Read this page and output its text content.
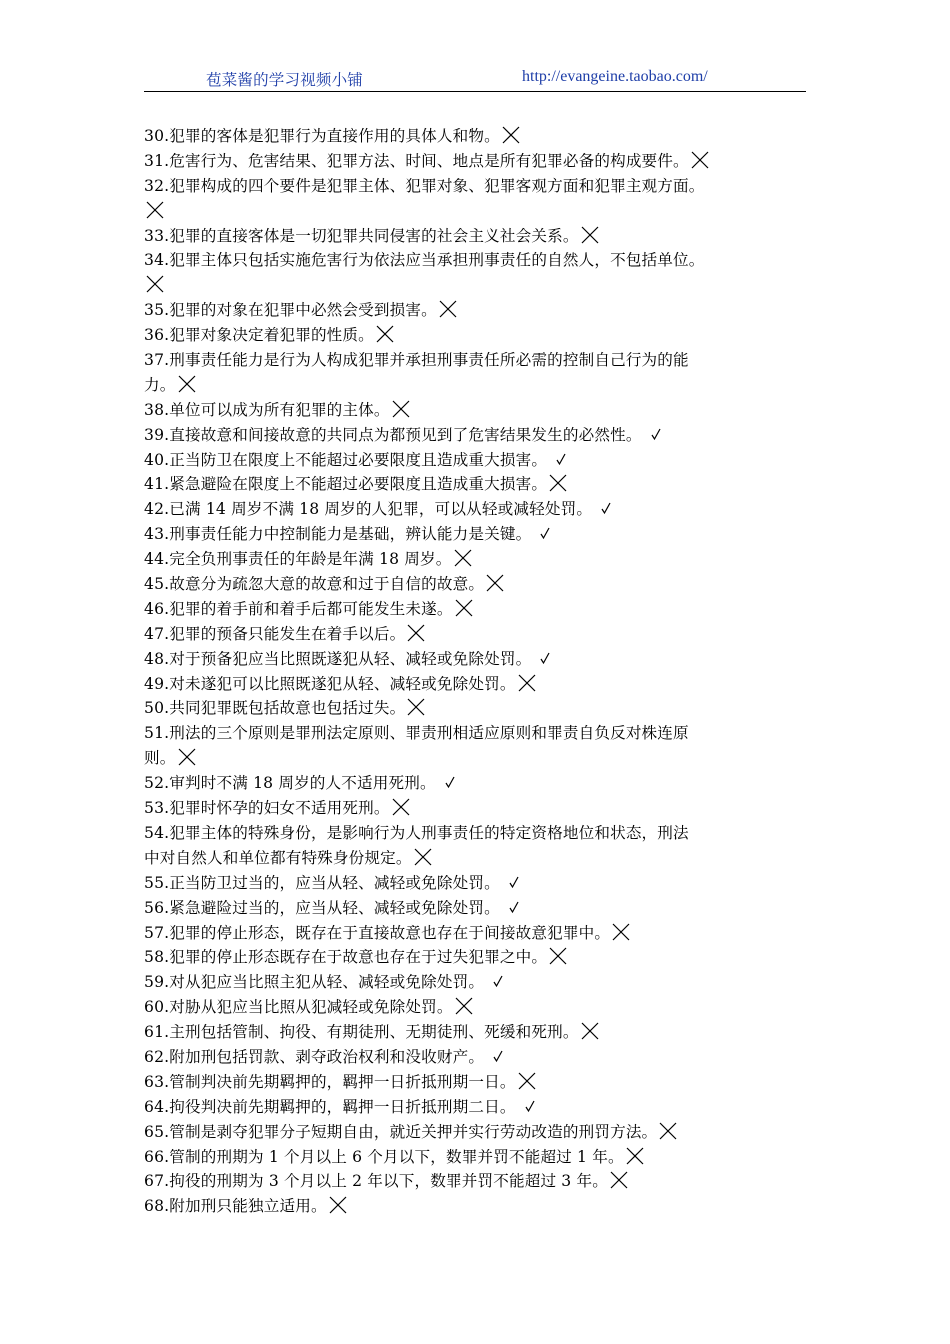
苞菜酱的学习视频小铺	http://evangeine.taobao.com/
30.犯罪的客体是犯罪行为直接作用的具体人和物。
31.危害行为、危害结果、犯罪方法、时间、地点是所有犯罪必备的构成要件。
32.犯罪构成的四个要件是犯罪主体、犯罪对象、犯罪客观方面和犯罪主观方面。
33.犯罪的直接客体是一切犯罪共同侵害的社会主义社会关系。
34.犯罪主体只包括实施危害行为依法应当承担刑事责任的自然人，不包括单位。
35.犯罪的对象在犯罪中必然会受到损害。
36.犯罪对象决定着犯罪的性质。
37.刑事责任能力是行为人构成犯罪并承担刑事责任所必需的控制自己行为的能
力。
38.单位可以成为所有犯罪的主体。
39.直接故意和间接故意的共同点为都预见到了危害结果发生的必然性。
40.正当防卫在限度上不能超过必要限度且造成重大损害。
41.紧急避险在限度上不能超过必要限度且造成重大损害。
42.已满 14 周岁不满 18 周岁的人犯罪，可以从轻或减轻处罚。
43.刑事责任能力中控制能力是基础，辨认能力是关键。
44.完全负刑事责任的年龄是年满 18 周岁。
45.故意分为疏忽大意的故意和过于自信的故意。
46.犯罪的着手前和着手后都可能发生未遂。
47.犯罪的预备只能发生在着手以后。
48.对于预备犯应当比照既遂犯从轻、减轻或免除处罚。
49.对未遂犯可以比照既遂犯从轻、减轻或免除处罚。
50.共同犯罪既包括故意也包括过失。
51.刑法的三个原则是罪刑法定原则、罪责刑相适应原则和罪责自负反对株连原
则。
52.审判时不满 18 周岁的人不适用死刑。
53.犯罪时怀孕的妇女不适用死刑。
54.犯罪主体的特殊身份，是影响行为人刑事责任的特定资格地位和状态，刑法
中对自然人和单位都有特殊身份规定。
55.正当防卫过当的，应当从轻、减轻或免除处罚。
56.紧急避险过当的，应当从轻、减轻或免除处罚。
57.犯罪的停止形态，既存在于直接故意也存在于间接故意犯罪中。
58.犯罪的停止形态既存在于故意也存在于过失犯罪之中。
59.对从犯应当比照主犯从轻、减轻或免除处罚。
60.对胁从犯应当比照从犯减轻或免除处罚。
61.主刑包括管制、拘役、有期徒刑、无期徒刑、死缓和死刑。
62.附加刑包括罚款、剥夺政治权利和没收财产。
63.管制判决前先期羁押的，羁押一日折抵刑期一日。
64.拘役判决前先期羁押的，羁押一日折抵刑期二日。
65.管制是剥夺犯罪分子短期自由，就近关押并实行劳动改造的刑罚方法。
66.管制的刑期为 1 个月以上 6 个月以下，数罪并罚不能超过 1 年。
67.拘役的刑期为 3 个月以上 2 年以下，数罪并罚不能超过 3 年。
68.附加刑只能独立适用。
